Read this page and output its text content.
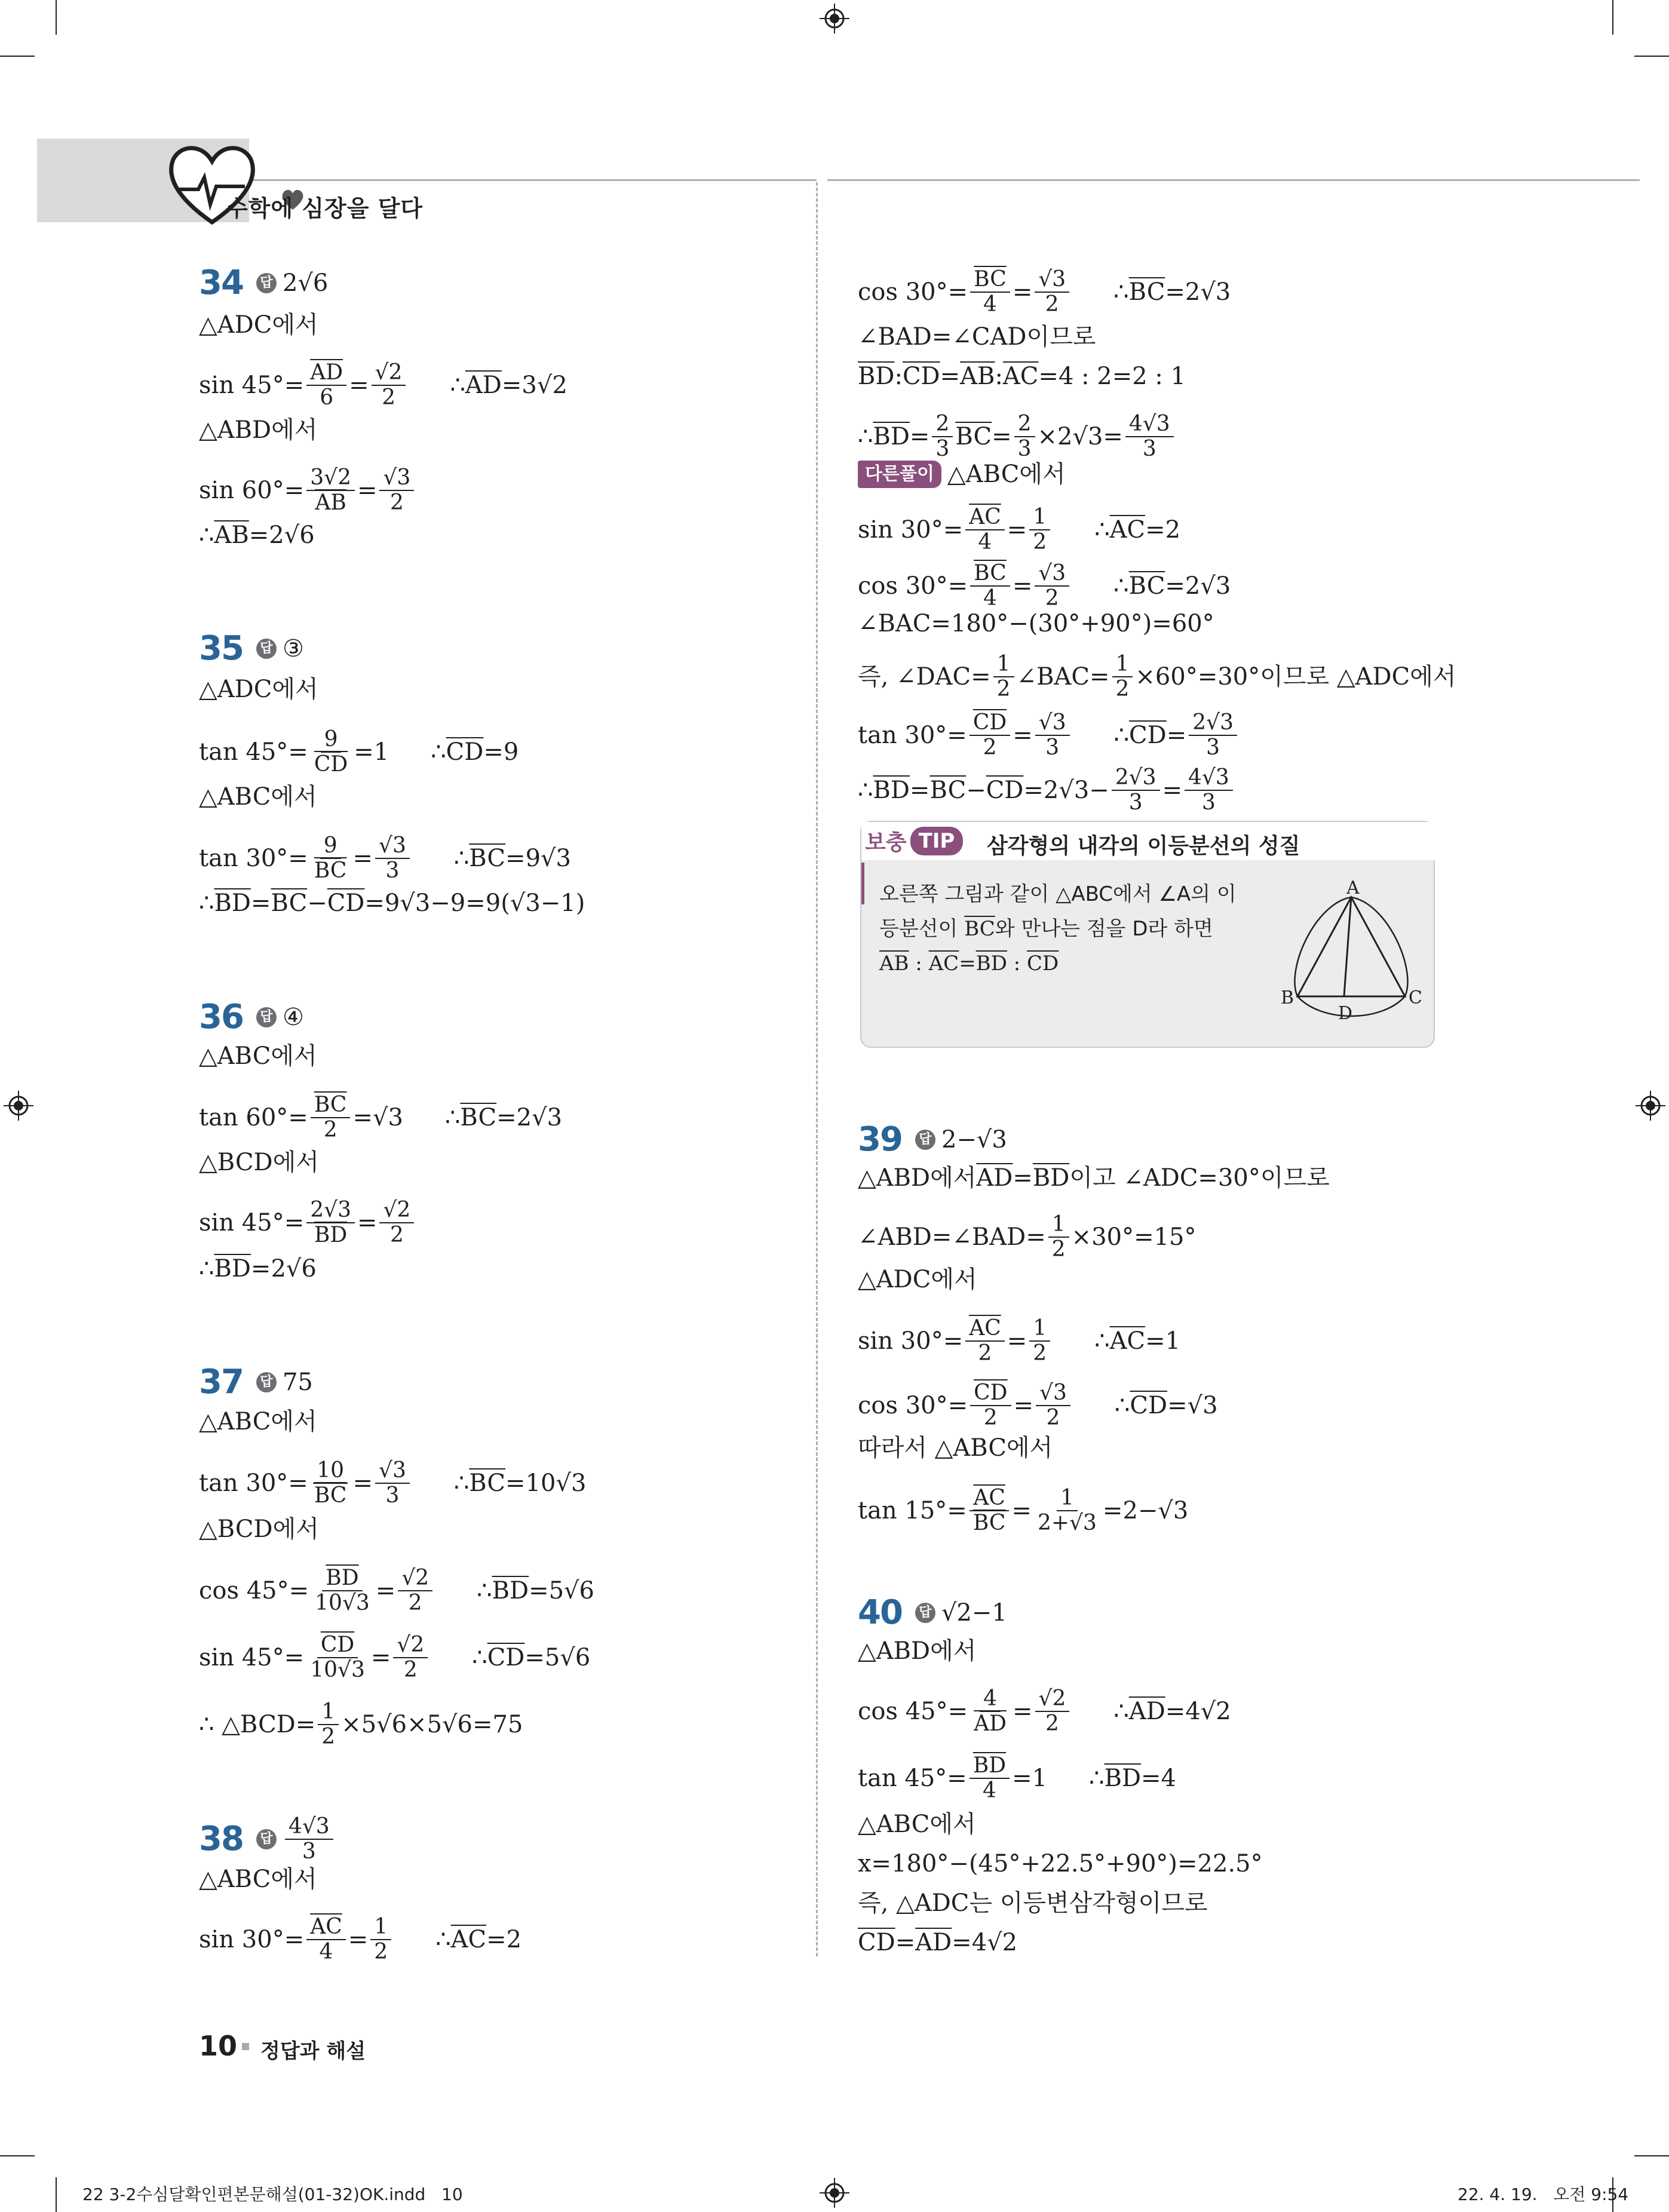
수학에 심장을 달다
34 답 2√6
△ADC에서
$\sin 45^\circ= \frac{\overline{AD}}{6} = \frac{√2}{2}$ ∴ $\overline{AD} =3√2$
△ABD에서
$\sin 60^\circ= \frac{3√2}{AB} = \frac{√3}{2}$
∴ $\overline{AB} =2√6$
35 답 ③
△ADC에서
$\tan 45^\circ= \frac{9}{CD} =1$ ∴ $\overline{CD} =9$
△ABC에서
$\tan 30^\circ= \frac{9}{BC} = \frac{√3}{3}$ ∴ $\overline{BC} =9√3$
∴ $\overline{BD} = \overline{BC} - \overline{CD} =9√3-9=9(√3-1)$
36 답 ④
△ABC에서
$\tan 60^\circ= \frac{\overline{BC}}{2} =√3$ ∴ $\overline{BC} =2√3$
△BCD에서
$\sin 45^\circ= \frac{2√3}{BD} = \frac{√2}{2}$
∴ $\overline{BD} =2√6$
37 답 75
△ABC에서
$\tan 30^\circ= \frac{10}{BC} = \frac{√3}{3}$ ∴ $\overline{BC} =10√3$
△BCD에서
$\cos 45^\circ= \frac{\overline{BD}}{10√3} = \frac{√2}{2}$ ∴ $\overline{BD} =5√6$
$\sin 45^\circ= \frac{\overline{CD}}{10√3} = \frac{√2}{2}$ ∴ $\overline{CD} =5√6$
∴ △BCD= $\frac{1}{2} \times 5√6\times 5√6=75$
38 답 $\frac{4√3}{3}$
△ABC에서
$\sin 30^\circ= \frac{\overline{AC}}{4} = \frac{1}{2}$ ∴ $\overline{AC} =2$
$\cos 30^\circ= \frac{\overline{BC}}{4} = \frac{√3}{2}$ ∴ $\overline{BC} =2√3$
∠BAD=∠CAD이므로
$\overline{BD}$ : $\overline{CD} = \overline{AB}$ : $\overline{AC} =4$ : 2=2 : 1
∴ $\overline{BD} = \frac{2}{3} \overline{BC} = \frac{2}{3} \times 2√3= \frac{4√3}{3}$
다른풀이 △ABC에서
$\sin 30^\circ= \frac{\overline{AC}}{4} = \frac{1}{2}$ ∴ $\overline{AC} =2$
$\cos 30^\circ= \frac{\overline{BC}}{4} = \frac{√3}{2}$ ∴ $\overline{BC} =2√3$
∠BAC=180°−(30°+90°)=60°
즉, ∠DAC= $\frac{1}{2}$ ∠BAC= $\frac{1}{2} \times 60^\circ=30^\circ$이므로 △ADC에서
$\tan 30^\circ= \frac{\overline{CD}}{2} = \frac{√3}{3}$ ∴ $\overline{CD} = \frac{2√3}{3}$
∴ $\overline{BD} = \overline{BC} - \overline{CD} =2√3- \frac{2√3}{3} = \frac{4√3}{3}$
보충 TIP	삼각형의 내각의 이등분선의 성질
오른쪽 그림과 같이 △ABC에서 ∠A의 이
등분선이 $\overline{BC}$와 만나는 점을 D라 하면
$\overline{AB}$ : $\overline{AC}=\overline{BD}$ : $\overline{CD}$
A
B	C
D
39 답 2−√3
△ABD에서 $\overline{AD} = \overline{BD}$ 이고 ∠ADC=30°이므로
∠ABD=∠BAD= $\frac{1}{2} \times 30^\circ=15^\circ$
△ADC에서
$\sin 30^\circ= \frac{\overline{AC}}{2} = \frac{1}{2}$ ∴ $\overline{AC} =1$
$\cos 30^\circ= \frac{\overline{CD}}{2} = \frac{√3}{2}$ ∴ $\overline{CD} =√3$
따라서 △ABC에서
$\tan 15^\circ= \frac{\overline{AC}}{BC} = \frac{1}{2+√3} =2-√3$
40 답 √2−1
△ABD에서
$\cos 45^\circ= \frac{4}{AD} = \frac{√2}{2}$ ∴ $\overline{AD} =4√2$
$\tan 45^\circ= \frac{\overline{BD}}{4} =1$ ∴ $\overline{BD} =4$
△ABC에서
x=180°−(45°+22.5°+90°)=22.5°
즉, △ADC는 이등변삼각형이므로
$\overline{CD} = \overline{AD} =4√2$
10 정답과 해설
22 3-2수심달확인편본문해설(01-32)OK.indd   10	22. 4. 19.   오전 9:54
